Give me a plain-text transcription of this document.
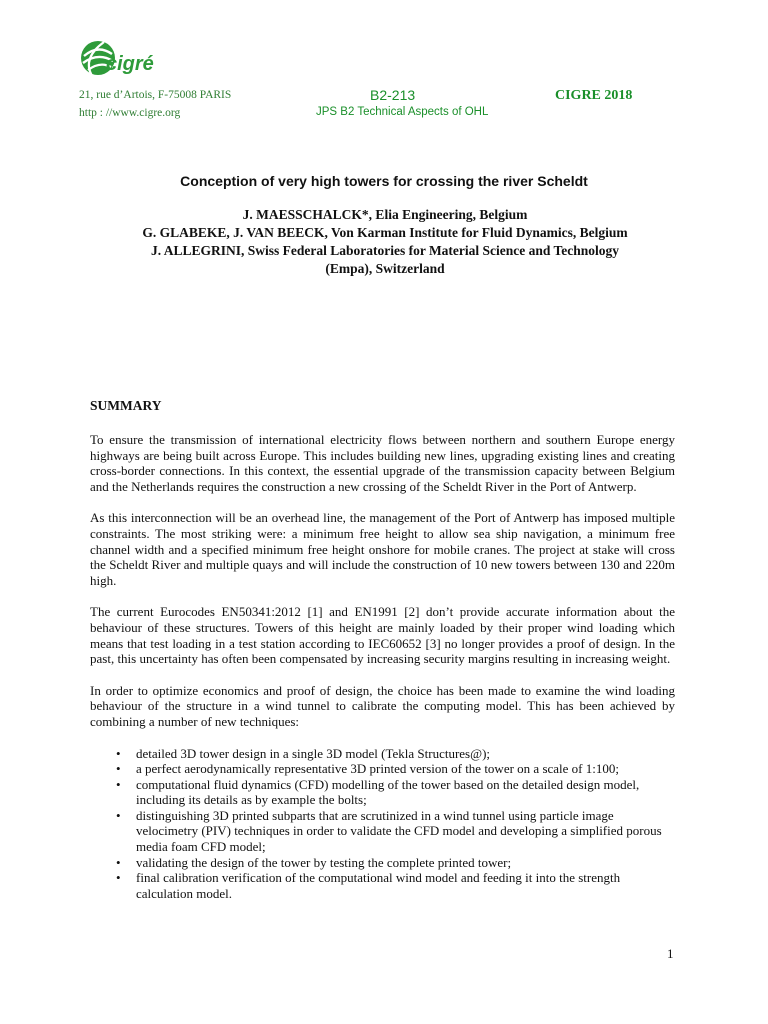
cigré
21, rue d’Artois, F-75008 PARIS
http : //www.cigre.org
B2-213
JPS B2 Technical Aspects of OHL
CIGRE 2018
Conception of very high towers for crossing the river Scheldt
J. MAESSCHALCK*, Elia Engineering, Belgium
G. GLABEKE, J. VAN BEECK, Von Karman Institute for Fluid Dynamics, Belgium
J. ALLEGRINI, Swiss Federal Laboratories for Material Science and Technology
(Empa), Switzerland
SUMMARY

To ensure the transmission of international electricity flows between northern and southern Europe energy highways are being built across Europe. This includes building new lines, upgrading existing lines and creating cross-border connections. In this context, the essential upgrade of the transmission capacity between Belgium and the Netherlands requires the construction a new crossing of the Scheldt River in the Port of Antwerp.

As this interconnection will be an overhead line, the management of the Port of Antwerp has imposed multiple constraints. The most striking were: a minimum free height to allow sea ship navigation, a minimum free channel width and a specified minimum free height onshore for mobile cranes. The project at stake will cross the Scheldt River and multiple quays and will include the construction of 10 new towers between 130 and 220m high.

The current Eurocodes EN50341:2012 [1] and EN1991 [2] don’t provide accurate information about the behaviour of these structures. Towers of this height are mainly loaded by their proper wind loading which means that test loading in a test station according to IEC60652 [3] no longer provides a proof of design. In the past, this uncertainty has often been compensated by increasing security margins resulting in increasing weight.

In order to optimize economics and proof of design, the choice has been made to examine the wind loading behaviour of the structure in a wind tunnel to calibrate the computing model. This has been achieved by combining a number of new techniques:

• detailed 3D tower design in a single 3D model (Tekla Structures@);
• a perfect aerodynamically representative 3D printed version of the tower on a scale of 1:100;
• computational fluid dynamics (CFD) modelling of the tower based on the detailed design model, including its details as by example the bolts;
• distinguishing 3D printed subparts that are scrutinized in a wind tunnel using particle image velocimetry (PIV) techniques in order to validate the CFD model and developing a simplified porous media foam CFD model;
• validating the design of the tower by testing the complete printed tower;
• final calibration verification of the computational wind model and feeding it into the strength calculation model.
1
